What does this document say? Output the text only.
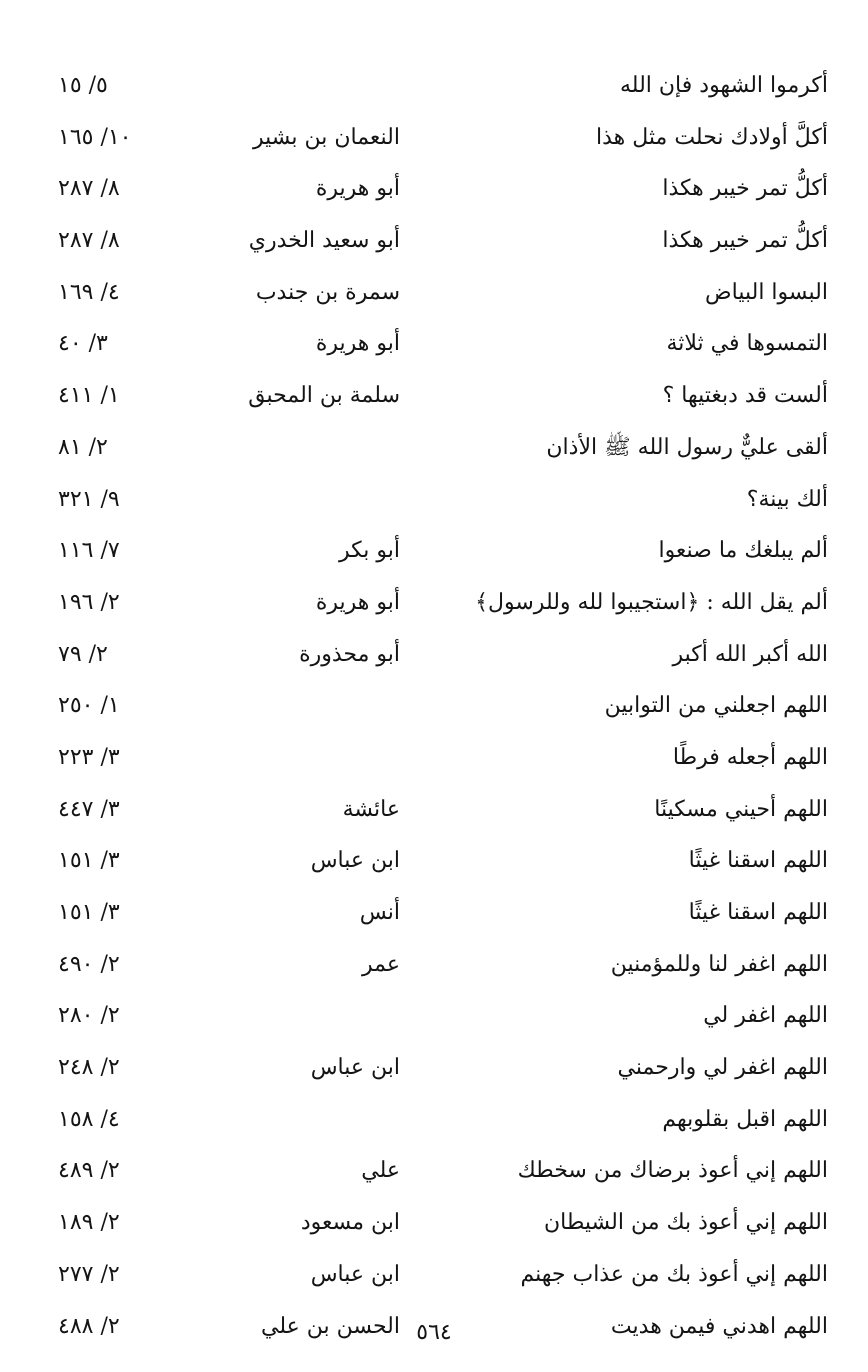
أكرموا الشهود فإن الله
٥/ ١٥
أكلَّ أولادك نحلت مثل هذا
النعمان بن بشير
١٠/ ١٦٥
أكلُّ تمر خيبر هكذا
أبو هريرة
٨/ ٢٨٧
أكلُّ تمر خيبر هكذا
أبو سعيد الخدري
٨/ ٢٨٧
البسوا البياض
سمرة بن جندب
٤/ ١٦٩
التمسوها في ثلاثة
أبو هريرة
٣/ ٤٠
ألست قد دبغتيها ؟
سلمة بن المحبق
١/ ٤١١
ألقى عليٌّ رسول الله ﷺ الأذان
٢/ ٨١
ألك بينة؟
٩/ ٣٢١
ألم يبلغك ما صنعوا
أبو بكر
٧/ ١١٦
ألم يقل الله : ﴿استجيبوا لله وللرسول﴾
أبو هريرة
٢/ ١٩٦
الله أكبر الله أكبر
أبو محذورة
٢/ ٧٩
اللهم اجعلني من التوابين
١/ ٢٥٠
اللهم أجعله فرطًا
٣/ ٢٢٣
اللهم أحيني مسكينًا
عائشة
٣/ ٤٤٧
اللهم اسقنا غيثًا
ابن عباس
٣/ ١٥١
اللهم اسقنا غيثًا
أنس
٣/ ١٥١
اللهم اغفر لنا وللمؤمنين
عمر
٢/ ٤٩٠
اللهم اغفر لي
٢/ ٢٨٠
اللهم اغفر لي وارحمني
ابن عباس
٢/ ٢٤٨
اللهم اقبل بقلوبهم
٤/ ١٥٨
اللهم إني أعوذ برضاك من سخطك
علي
٢/ ٤٨٩
اللهم إني أعوذ بك من الشيطان
ابن مسعود
٢/ ١٨٩
اللهم إني أعوذ بك من عذاب جهنم
ابن عباس
٢/ ٢٧٧
اللهم اهدني فيمن هديت
الحسن بن علي
٢/ ٤٨٨	٥٦٤
